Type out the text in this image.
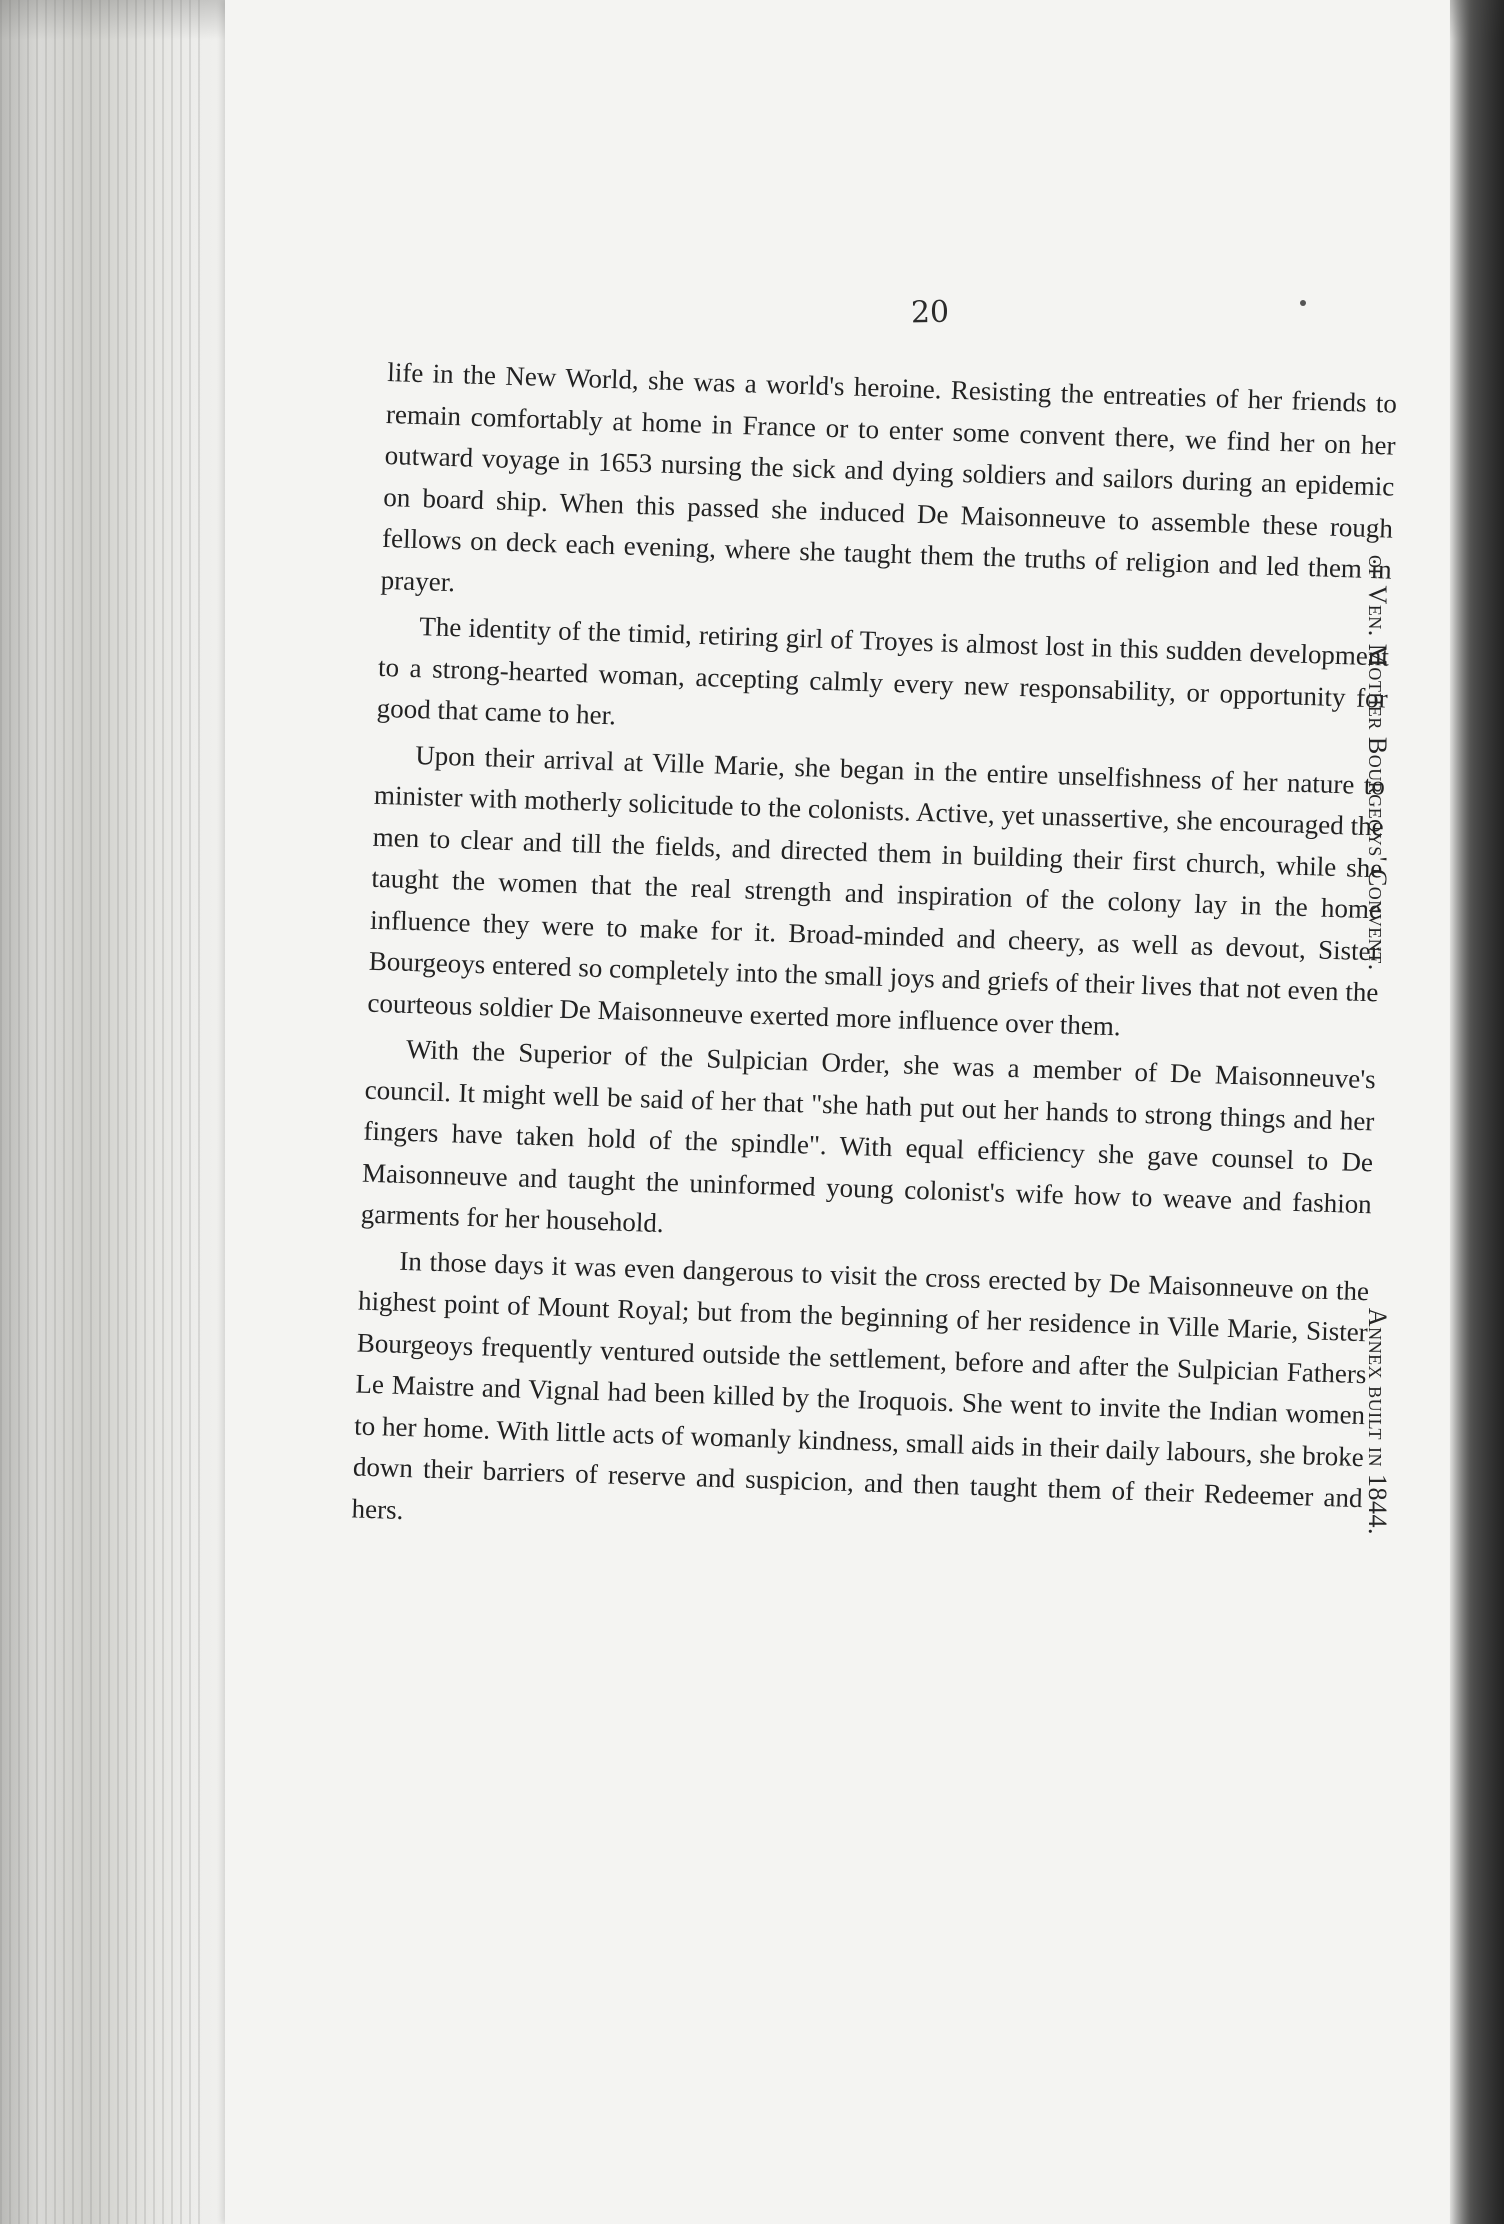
20

life in the New World, she was a world's heroine. Resisting the entreaties of her friends to remain comfortably at home in France or to enter some convent there, we find her on her outward voyage in 1653 nursing the sick and dying soldiers and sailors during an epidemic on board ship. When this passed she induced De Maisonneuve to assemble these rough fellows on deck each evening, where she taught them the truths of religion and led them in prayer.

The identity of the timid, retiring girl of Troyes is almost lost in this sudden development to a strong-hearted woman, accepting calmly every new responsability, or opportunity for good that came to her.

Upon their arrival at Ville Marie, she began in the entire unselfishness of her nature to minister with motherly solicitude to the colonists. Active, yet unassertive, she encouraged the men to clear and till the fields, and directed them in building their first church, while she taught the women that the real strength and inspiration of the colony lay in the home influence they were to make for it. Broad-minded and cheery, as well as devout, Sister Bourgeoys entered so completely into the small joys and griefs of their lives that not even the courteous soldier De Maisonneuve exerted more influence over them.

With the Superior of the Sulpician Order, she was a member of De Maisonneuve's council. It might well be said of her that "she hath put out her hands to strong things and her fingers have taken hold of the spindle". With equal efficiency she gave counsel to De Maisonneuve and taught the uninformed young colonist's wife how to weave and fashion garments for her household.

In those days it was even dangerous to visit the cross erected by De Maisonneuve on the highest point of Mount Royal; but from the beginning of her residence in Ville Marie, Sister Bourgeoys frequently ventured outside the settlement, before and after the Sulpician Fathers Le Maistre and Vignal had been killed by the Iroquois. She went to invite the Indian women to her home. With little acts of womanly kindness, small aids in their daily labours, she broke down their barriers of reserve and suspicion, and then taught them of their Redeemer and hers.

of Ven. Mother Bourgeoys' Convent.
Annex built in 1844.
